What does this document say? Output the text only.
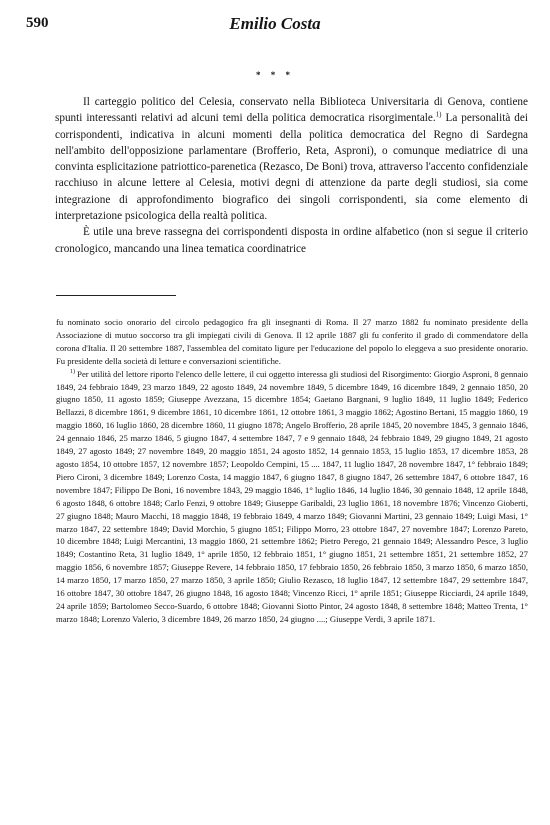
590	Emilio Costa
* * *

Il carteggio politico del Celesia, conservato nella Biblioteca Universitaria di Genova, contiene spunti interessanti relativi ad alcuni temi della politica democratica risorgimentale.$^{1)}$ La personalità dei corrispondenti, indicativa in alcuni momenti della politica democratica del Regno di Sardegna nell'ambito dell'opposizione parlamentare (Brofferio, Reta, Asproni), o comunque mediatrice di una convinta esplicitazione patriottico-parenetica (Rezasco, De Boni) trova, attraverso l'accento confidenziale racchiuso in alcune lettere al Celesia, motivi degni di attenzione da parte degli studiosi, sia come integrazione di approfondimento biografico dei singoli corrispondenti, sia come elemento di interpretazione psicologica della realtà politica.

È utile una breve rassegna dei corrispondenti disposta in ordine alfabetico (non si segue il criterio cronologico, mancando una linea tematica coordinatrice

fu nominato socio onorario del circolo pedagogico fra gli insegnanti di Roma. Il 27 marzo 1882 fu nominato presidente della Associazione di mutuo soccorso tra gli impiegati civili di Genova. Il 12 aprile 1887 gli fu conferito il grado di commendatore della corona d'Italia. Il 20 settembre 1887, l'assemblea del comitato ligure per l'educazione del popolo lo eleggeva a suo presidente onorario. Fu presidente della società di letture e conversazioni scientifiche.

$^{1)}$ Per utilità del lettore riporto l'elenco delle lettere, il cui oggetto interessa gli studiosi del Risorgimento: Giorgio Asproni, 8 gennaio 1849, 24 febbraio 1849, 23 marzo 1849, 22 agosto 1849, 24 novembre 1849, 5 dicembre 1849, 16 dicembre 1849, 2 gennaio 1850, 20 giugno 1850, 11 agosto 1859; Giuseppe Avezzana, 15 dicembre 1854; Gaetano Bargnani, 9 luglio 1849, 11 luglio 1849; Federico Bellazzi, 8 dicembre 1861, 9 dicembre 1861, 10 dicembre 1861, 12 ottobre 1861, 3 maggio 1862; Agostino Bertani, 15 maggio 1860, 19 maggio 1860, 16 luglio 1860, 28 dicembre 1860, 11 giugno 1878; Angelo Brofferio, 28 aprile 1845, 20 novembre 1845, 3 gennaio 1846, 24 gennaio 1846, 25 marzo 1846, 5 giugno 1847, 4 settembre 1847, 7 e 9 gennaio 1848, 24 febbraio 1849, 29 giugno 1849, 21 agosto 1849, 27 agosto 1849; 27 novembre 1849, 20 maggio 1851, 24 agosto 1852, 14 gennaio 1853, 15 luglio 1853, 17 dicembre 1853, 28 agosto 1854, 10 ottobre 1857, 12 novembre 1857; Leopoldo Cempini, 15 .... 1847, 11 luglio 1847, 28 novembre 1847, 1° febbraio 1849; Piero Cironi, 3 dicembre 1849; Lorenzo Costa, 14 maggio 1847, 6 giugno 1847, 8 giugno 1847, 26 settembre 1847, 6 ottobre 1847, 16 novembre 1847; Filippo De Boni, 16 novembre 1843, 29 maggio 1846, 1° luglio 1846, 14 luglio 1846, 30 gennaio 1848, 12 aprile 1848, 6 agosto 1848, 6 ottobre 1848; Carlo Fenzi, 9 ottobre 1849; Giuseppe Garibaldi, 23 luglio 1861, 18 novembre 1876; Vincenzo Gioberti, 27 giugno 1848; Mauro Macchi, 18 maggio 1848, 19 febbraio 1849, 4 marzo 1849; Giovanni Martini, 23 gennaio 1849; Luigi Masi, 1° marzo 1847, 22 settembre 1849; David Morchio, 5 giugno 1851; Filippo Morro, 23 ottobre 1847, 27 novembre 1847; Lorenzo Pareto, 10 dicembre 1848; Luigi Mercantini, 13 maggio 1860, 21 settembre 1862; Pietro Perego, 21 gennaio 1849; Alessandro Pesce, 3 luglio 1849; Costantino Reta, 31 luglio 1849, 1° aprile 1850, 12 febbraio 1851, 1° giugno 1851, 21 settembre 1851, 21 settembre 1852, 27 maggio 1856, 6 novembre 1857; Giuseppe Revere, 14 febbraio 1850, 17 febbraio 1850, 26 febbraio 1850, 3 marzo 1850, 6 marzo 1850, 14 marzo 1850, 17 marzo 1850, 27 marzo 1850, 3 aprile 1850; Giulio Rezasco, 18 luglio 1847, 12 settembre 1847, 29 settembre 1847, 16 ottobre 1847, 30 ottobre 1847, 26 giugno 1848, 16 agosto 1848; Vincenzo Ricci, 1° aprile 1851; Giuseppe Ricciardi, 24 aprile 1849, 24 aprile 1859; Bartolomeo Secco-Suardo, 6 ottobre 1848; Giovanni Siotto Pintor, 24 agosto 1848, 8 settembre 1848; Matteo Trenta, 1° marzo 1848; Lorenzo Valerio, 3 dicembre 1849, 26 marzo 1850, 24 giugno ....; Giuseppe Verdi, 3 aprile 1871.
